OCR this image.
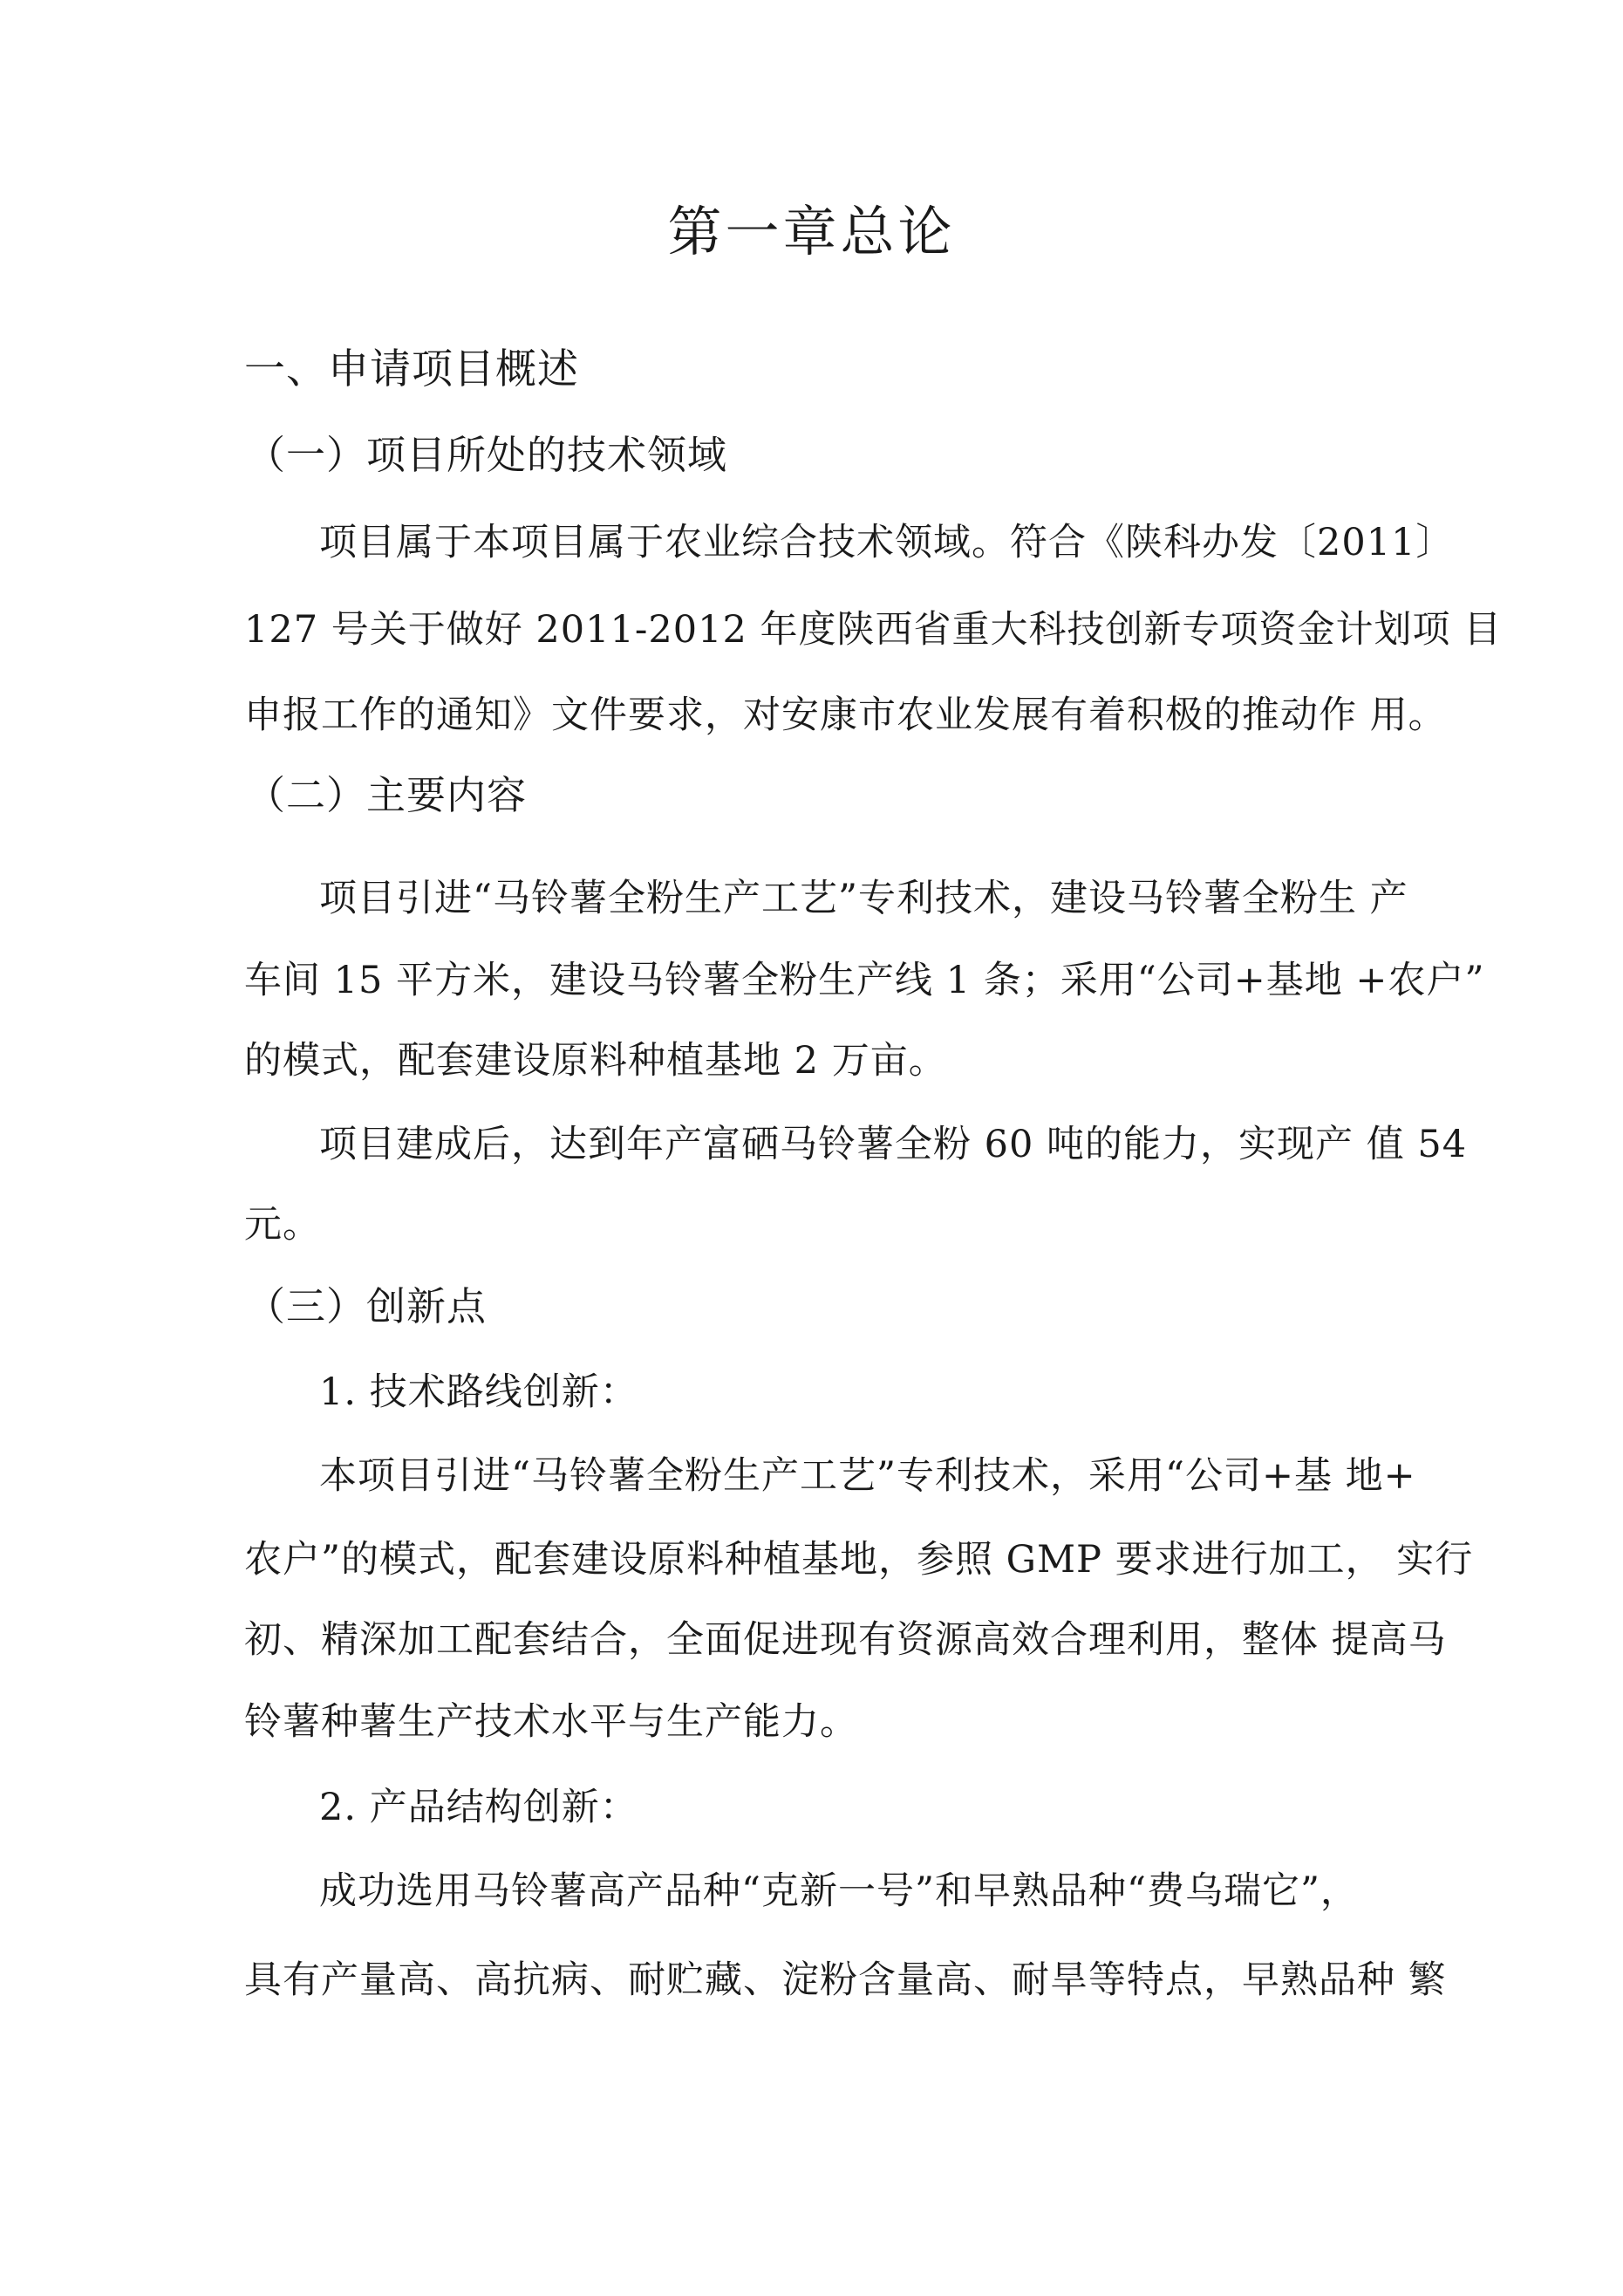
第一章总论
一、申请项目概述
（一）项目所处的技术领域
项目属于本项目属于农业综合技术领域。符合《陕科办发〔2011〕
127 号关于做好 2011-2012 年度陕西省重大科技创新专项资金计划项 目
申报工作的通知》文件要求，对安康市农业发展有着积极的推动作 用。
（二）主要内容
项目引进“马铃薯全粉生产工艺”专利技术，建设马铃薯全粉生 产
车间 15 平方米，建设马铃薯全粉生产线 1 条；采用“公司+基地 +农户”
的模式，配套建设原料种植基地 2 万亩。
项目建成后，达到年产富硒马铃薯全粉 60 吨的能力，实现产 值 54
元。
（三）创新点
1. 技术路线创新：
本项目引进“马铃薯全粉生产工艺”专利技术，采用“公司+基 地+
农户”的模式，配套建设原料种植基地，参照 GMP 要求进行加工， 实行
初、精深加工配套结合，全面促进现有资源高效合理利用，整体 提高马
铃薯种薯生产技术水平与生产能力。
2. 产品结构创新：
成功选用马铃薯高产品种“克新一号”和早熟品种“费乌瑞它”，
具有产量高、高抗病、耐贮藏、淀粉含量高、耐旱等特点，早熟品种 繁
